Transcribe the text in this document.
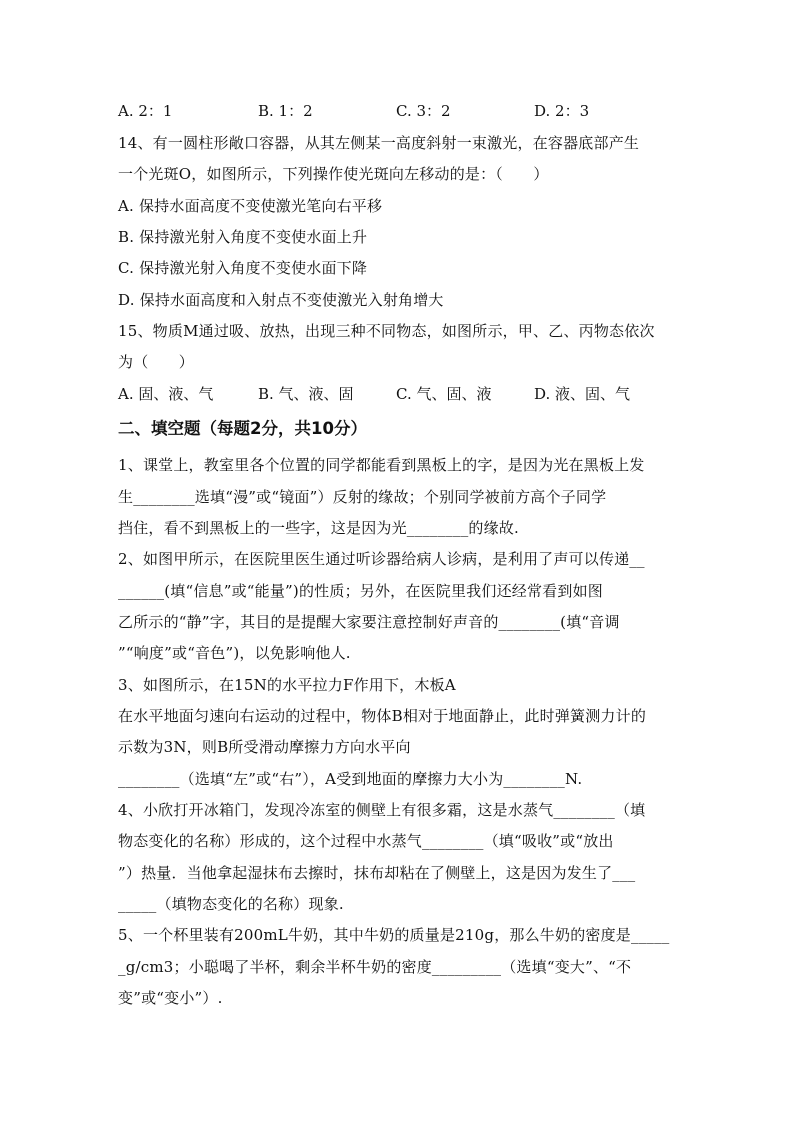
A. 2：1	B. 1：2	C. 3：2	D. 2：3
14、有一圆柱形敞口容器，从其左侧某一高度斜射一束激光，在容器底部产生
一个光斑O，如图所示，下列操作使光斑向左移动的是：（　　）
A. 保持水面高度不变使激光笔向右平移
B. 保持激光射入角度不变使水面上升
C. 保持激光射入角度不变使水面下降
D. 保持水面高度和入射点不变使激光入射角增大
15、物质M通过吸、放热，出现三种不同物态，如图所示，甲、乙、丙物态依次
为（　　）
A. 固、液、气	B. 气、液、固	C. 气、固、液	D. 液、固、气
二、填空题（每题2分，共10分）
1、课堂上，教室里各个位置的同学都能看到黑板上的字，是因为光在黑板上发
生________选填“漫”或“镜面”）反射的缘故；个别同学被前方高个子同学
挡住，看不到黑板上的一些字，这是因为光________的缘故.
2、如图甲所示，在医院里医生通过听诊器给病人诊病，是利用了声可以传递__
______(填“信息”或“能量”)的性质；另外，在医院里我们还经常看到如图
乙所示的“静”字，其目的是提醒大家要注意控制好声音的________(填“音调
”“响度”或“音色”)，以免影响他人.
3、如图所示，在15N的水平拉力F作用下，木板A
在水平地面匀速向右运动的过程中，物体B相对于地面静止，此时弹簧测力计的
示数为3N，则B所受滑动摩擦力方向水平向
________（选填“左”或“右”），A受到地面的摩擦力大小为________N.
4、小欣打开冰箱门，发现冷冻室的侧壁上有很多霜，这是水蒸气________（填
物态变化的名称）形成的，这个过程中水蒸气________（填“吸收”或“放出
”）热量．当他拿起湿抹布去擦时，抹布却粘在了侧壁上，这是因为发生了___
_____（填物态变化的名称）现象.
5、一个杯里装有200mL牛奶，其中牛奶的质量是210g，那么牛奶的密度是_____
_g/cm3；小聪喝了半杯，剩余半杯牛奶的密度_________（选填“变大”、“不
变”或“变小”）.
